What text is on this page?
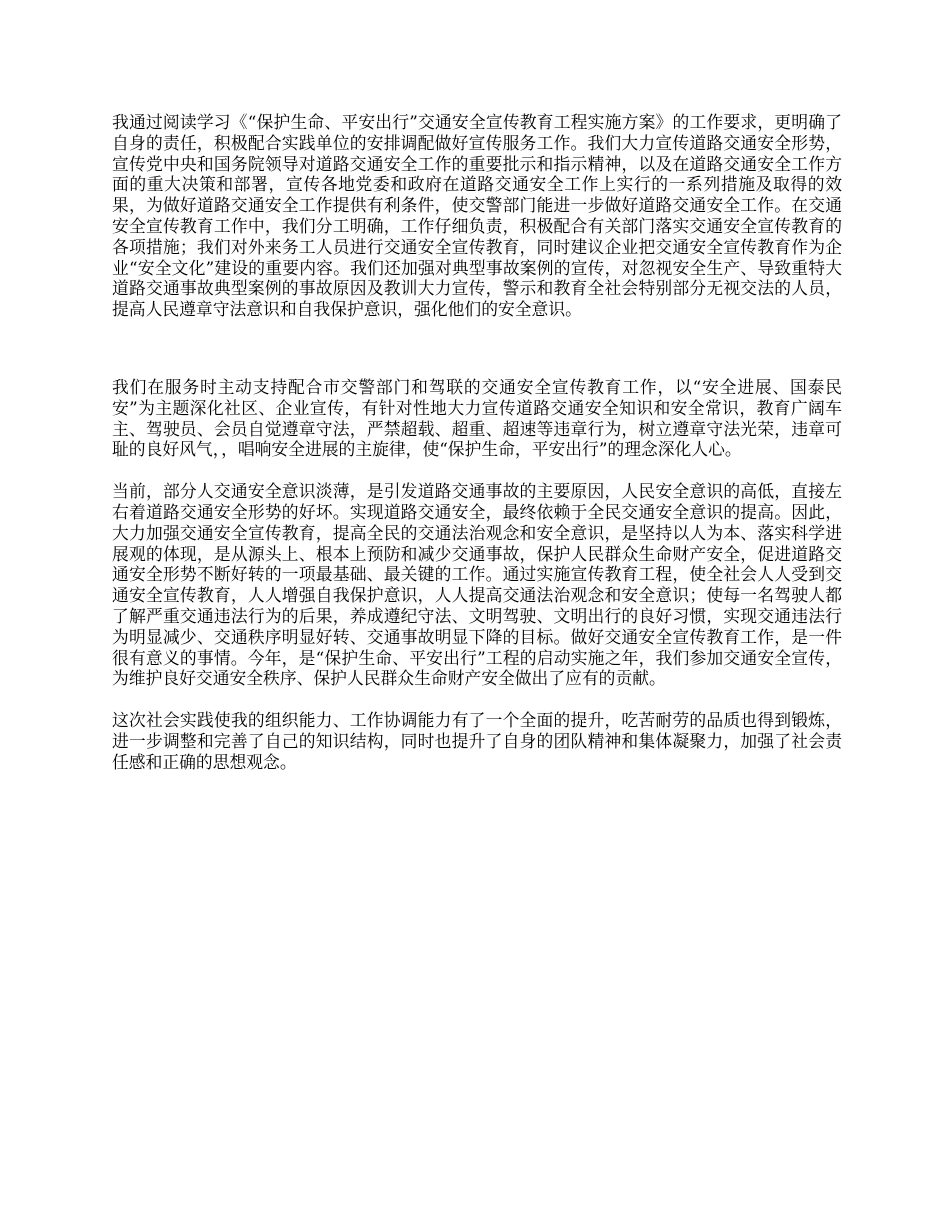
我通过阅读学习《“保护生命、平安出行”交通安全宣传教育工程实施方案》的工作要求，更明确了自身的责任，积极配合实践单位的安排调配做好宣传服务工作。我们大力宣传道路交通安全形势，宣传党中央和国务院领导对道路交通安全工作的重要批示和指示精神，以及在道路交通安全工作方面的重大决策和部署，宣传各地党委和政府在道路交通安全工作上实行的一系列措施及取得的效果，为做好道路交通安全工作提供有利条件，使交警部门能进一步做好道路交通安全工作。在交通安全宣传教育工作中，我们分工明确，工作仔细负责，积极配合有关部门落实交通安全宣传教育的各项措施；我们对外来务工人员进行交通安全宣传教育，同时建议企业把交通安全宣传教育作为企业“安全文化”建设的重要内容。我们还加强对典型事故案例的宣传，对忽视安全生产、导致重特大道路交通事故典型案例的事故原因及教训大力宣传，警示和教育全社会特别部分无视交法的人员，提高人民遵章守法意识和自我保护意识，强化他们的安全意识。

我们在服务时主动支持配合市交警部门和驾联的交通安全宣传教育工作，以“安全进展、国泰民安”为主题深化社区、企业宣传，有针对性地大力宣传道路交通安全知识和安全常识，教育广阔车主、驾驶员、会员自觉遵章守法，严禁超载、超重、超速等违章行为，树立遵章守法光荣，违章可耻的良好风气，，唱响安全进展的主旋律，使“保护生命，平安出行”的理念深化人心。

当前，部分人交通安全意识淡薄，是引发道路交通事故的主要原因，人民安全意识的高低，直接左右着道路交通安全形势的好坏。实现道路交通安全，最终依赖于全民交通安全意识的提高。因此，大力加强交通安全宣传教育，提高全民的交通法治观念和安全意识，是坚持以人为本、落实科学进展观的体现，是从源头上、根本上预防和减少交通事故，保护人民群众生命财产安全，促进道路交通安全形势不断好转的一项最基础、最关键的工作。通过实施宣传教育工程，使全社会人人受到交通安全宣传教育，人人增强自我保护意识，人人提高交通法治观念和安全意识；使每一名驾驶人都了解严重交通违法行为的后果，养成遵纪守法、文明驾驶、文明出行的良好习惯，实现交通违法行为明显减少、交通秩序明显好转、交通事故明显下降的目标。做好交通安全宣传教育工作，是一件很有意义的事情。今年，是“保护生命、平安出行”工程的启动实施之年，我们参加交通安全宣传，为维护良好交通安全秩序、保护人民群众生命财产安全做出了应有的贡献。

这次社会实践使我的组织能力、工作协调能力有了一个全面的提升，吃苦耐劳的品质也得到锻炼，进一步调整和完善了自己的知识结构，同时也提升了自身的团队精神和集体凝聚力，加强了社会责任感和正确的思想观念。
